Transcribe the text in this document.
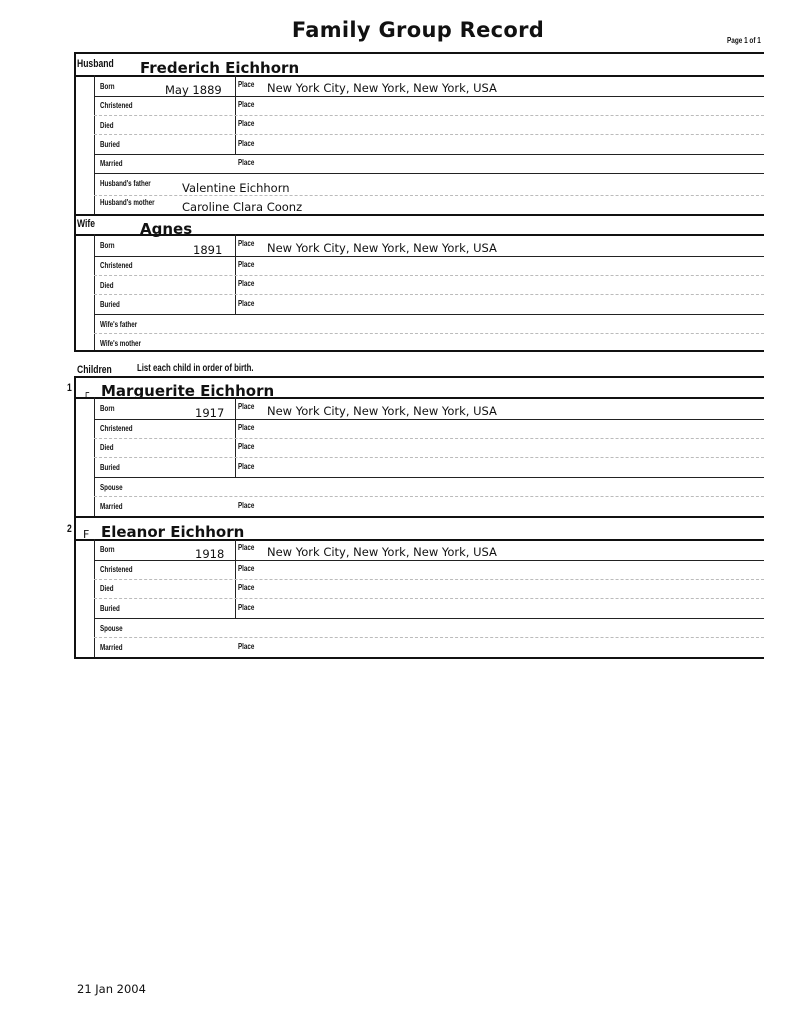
Family Group Record	Page 1 of 1
Husband Frederich Eichhorn
Born	May 1889 Place New York City, New York, New York, USA
Christened	Place
Died	Place
Buried	Place
Married	Place
Husband's father	Valentine Eichhorn
Husband's mother Caroline Clara Coonz
Wife	Agnes
Born	1891 Place New York City, New York, New York, USA
Christened	Place
Died	Place
Buried	Place
Wife's father
Wife's mother
Children	List each child in order of birth.
1 ┌ Marguerite Eichhorn
Born	1917 Place New York City, New York, New York, USA
Christened	Place
Died	Place
Buried	Place
Spouse
Married	Place
2 F Eleanor Eichhorn
Born	1918 Place New York City, New York, New York, USA
Christened	Place
Died	Place
Buried	Place
Spouse
Married	Place
21 Jan 2004
